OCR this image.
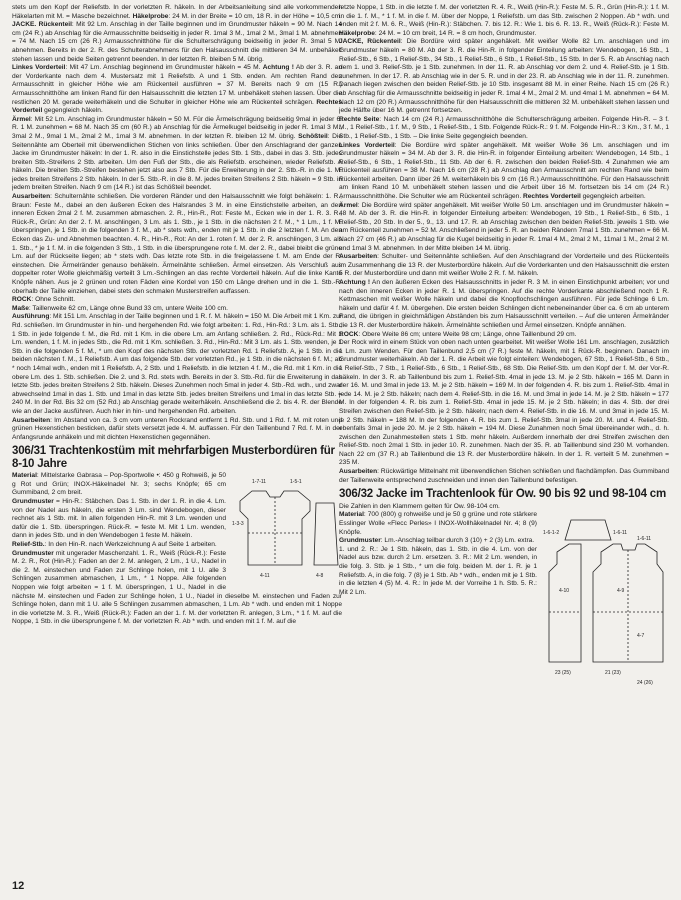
stets um den Kopf der Reliefstb. In der vorletzten R. häkeln. In der Arbeitsanleitung sind alle vorkommenden Häkelarten mit M. = Masche bezeichnet. Häkelprobe: 24 M. in der Breite = 10 cm, 18 R. in der Höhe = 10,5 cm. JACKE. Rückenteil: Mit 92 Lm. Anschlag in der Taille beginnen und im Grundmuster häkeln = 90 M. Nach 14 cm (24 R.) ab Anschlag für die Armausschnitte beidseitig in jeder R. 1mal 3 M., 1mal 2 M., 3mal 1 M. abnehmen = 74 M. Nach 15 cm (26 R.) Armausschnitthöhe für die Schulterschrägung beidseitig in jeder R. 3mal 5 M. abnehmen. Bereits in der 2. R. des Schulterabnehmens für den Halsausschnitt die mittleren 34 M. unbehäkelt stehen lassen und beide Seiten getrennt beenden. In der letzten R. bleiben 5 M. übrig.

Linkes Vorderteil: Mit 47 Lm. Anschlag beginnend im Grundmuster häkeln = 45 M. Achtung ! Ab der 3. R. an der Vorderkante nach dem 4. Mustersatz mit 1 Reliefstb. A und 1 Stb. enden. Am rechten Rand den Armausschnitt in gleicher Höhe wie am Rückenteil ausführen = 37 M. Bereits nach 9 cm (15 R.) Armausschnitthöhe am linken Rand für den Halsausschnitt die letzten 17 M. unbehäkelt stehen lassen. Über die restlichen 20 M. gerade weiterhäkeln und die Schulter in gleicher Höhe wie am Rückenteil schrägen. Rechtes Vorderteil gegengleich häkeln.

Ärmel: Mit 52 Lm. Anschlag im Grundmuster häkeln = 50 M. Für die Ärmelschrägung beidseitig 9mal in jeder 6. R. 1 M. zunehmen = 68 M. Nach 35 cm (60 R.) ab Anschlag für die Ärmelkugel beidseitig in jeder R. 1mal 3 M., 3mal 2 M., 9mal 1 M., 2mal 2 M., 1mal 3 M. abnehmen. In der letzten R. bleiben 12 M. übrig. Schößteil: Die Seitennähte am Oberteil mit überwendlichen Stichen von links schließen. Über den Anschlagrand der ganzen Jacke im Grundmuster häkeln: In der 1. R. also in die Einstichstelle jedes Stb. 1 Stb., dabei in das 3. Stb. jedes breiten Stb.-Streifens 2 Stb. arbeiten. Um den Fuß der Stb., die als Reliefstb. erscheinen, wieder Reliefstb. A häkeln. Die breiten Stb.-Streifen bestehen jetzt also aus 7 Stb. Für die Erweiterung in der 2. Stb.-R. in die 1. M. jedes breiten Streifens 2 Stb. häkeln. In der 5. Stb.-R. in die 8. M. jedes breiten Streifens 2 Stb. häkeln = 9 Stb. in jedem breiten Streifen. Nach 9 cm (14 R.) ist das Schößteil beendet.

Ausarbeiten: Schulternähte schließen. Die vorderen Ränder und den Halsausschnitt wie folgt behäkeln: 1. R., Braun: Feste M., dabei an den äußeren Ecken des Halsrandes 3 M. in eine Einstichstelle arbeiten, an den inneren Ecken 2mal 2 f. M. zusammen abmaschen. 2. R., Hin-R., Rot: Feste M., Ecken wie in der 1. R. 3. R., Rück-R., Grün: An der 2. f. M. anschlingen, 3 Lm. als 1. Stb., je 1 Stb. in die nächsten 2 f. M., * 1 Lm., 1 f. M. überspringen, je 1 Stb. in die folgenden 3 f. M., ab * stets wdh., enden mit je 1 Stb. in die 2 letzten f. M. An den Ecken das Zu- und Abnehmen beachten. 4. R., Hin-R., Rot: An der 1. roten f. M. der 2. R. anschlingen, 3 Lm. als 1. Stb., * je 1 f. M. in die folgenden 3 Stb., 1 Stb. in die übersprungene rote f. M. der 2. R., dabei bleibt die grüne Lm. auf der Rückseite liegen; ab * stets wdh. Das letzte rote Stb. in die freigelassene f. M. am Ende der R. einstechen. Die Ärmelränder genauso behäkeln. Ärmelnähte schließen. Ärmel einsetzen. Als Verschluß aus doppelter roter Wolle gleichmäßig verteilt 3 Lm.-Schlingen an das rechte Vorderteil häkeln. Auf die linke Kante Knöpfe nähen. Aus je 2 grünen und roten Fäden eine Kordel von 150 cm Länge drehen und in die 1. Stb.-R. oberhalb der Taille einziehen, dabei stets den schmalen Musterstreifen auffassen.

ROCK: Ohne Schnitt.

Maße: Taillenweite 62 cm, Länge ohne Bund 33 cm, untere Weite 100 cm.

Ausführung: Mit 151 Lm. Anschlag in der Taille beginnen und 1 R. f. M. häkeln = 150 M. Die Arbeit mit 1 Km. zur Rd. schließen. Im Grundmuster in hin- und hergehenden Rd. wie folgt arbeiten: 1. Rd., Hin-Rd.: 3 Lm. als 1. Stb., 1 Stb. in jede folgende f. M., die Rd. mit 1 Km. in die obere Lm. am Anfang schließen. 2. Rd., Rück-Rd.: Mit 1 Lm. wenden, 1 f. M. in jedes Stb., die Rd. mit 1 Km. schließen. 3. Rd., Hin-Rd.: Mit 3 Lm. als 1. Stb. wenden, je 1 Stb. in die folgenden 5 f. M., * um den Kopf des nächsten Stb. der vorletzten Rd. 1 Reliefstb. A, je 1 Stb. in die beiden nächsten f. M., 1 Reliefstb. A um das folgende Stb. der vorletzten Rd., je 1 Stb. in die nächsten 6 f. M.; ab * noch 14mal wdh., enden mit 1 Reliefstb. A, 2 Stb. und 1 Reliefstb. in die letzten 4 f. M., die Rd. mit 1 Km. in die obere Lm. des 1. Stb. schließen. Die 2. und 3. Rd. stets wdh. Bereits in der 3. Stb.-Rd. für die Erweiterung in das letzte Stb. jedes breiten Streifens 2 Stb. häkeln. Dieses Zunehmen noch 5mal in jeder 4. Stb.-Rd. wdh., und zwar abwechselnd 1mal in das 1. Stb. und 1mal in das letzte Stb. jedes breiten Streifens und 1mal in das letzte Stb. = 240 M. In der Rd. Bis 32 cm (52 Rd.) ab Anschlag gerade weiterhäkeln. Anschließend die 2. bis 4. R. der Blende wie an der Jacke ausführen. Auch hier in hin- und hergehenden Rd. arbeiten.

Ausarbeiten: Im Abstand von ca. 3 cm vom unteren Rockrand entfernt 1 Rd. Stb. und 1 Rd. f. M. mit roten und grünen Hexenstichen besticken, dafür stets versetzt jede 4. M. auffassen. Für den Taillenbund 7 Rd. f. M. in der Anfangsrunde anhäkeln und mit dichten Hexenstichen gegennähen.

306/31 Trachtenkostüm mit mehrfarbigen Musterbordüren für 8-10 Jahre
1-7-11	1-5-1
1-3-3
4-11	4-8

Material: Mittelstarke Gabrasa – Pop-Sportwolle •: 450 g Rohweiß, je 50 g Rot und Grün; INOX-Häkelnadel Nr. 3; sechs Knöpfe; 65 cm Gummiband, 2 cm breit.

Grundmuster = Hin-R.: Stäbchen. Das 1. Stb. in der 1. R. in die 4. Lm. von der Nadel aus häkeln, die ersten 3 Lm. sind Wendebogen, dieser rechnet als 1 Stb. mit. In allen folgenden Hin-R. mit 3 Lm. wenden und dafür die 1. Stb. überspringen. Rück-R. = feste M. Mit 1 Lm. wenden, dann in jedes Stb. und in den Wendebogen 1 feste M. häkeln.

Relief-Stb.: In den Hin-R. nach Werkzeichnung A auf Seite 1 arbeiten.

Grundmuster mit ungerader Maschenzahl. 1. R., Weiß (Rück-R.): Feste M. 2. R., Rot (Hin-R.): Faden an der 2. M. anlegen, 2 Lm., 1 U., Nadel in die 2. M. einstechen und Faden zur Schlinge holen, mit 1 U. alle 3 Schlingen zusammen abmaschen, 1 Lm., * 1 Noppe. Alle folgenden Noppen wie folgt arbeiten = 1 f. M. überspringen, 1 U., Nadel in die nächste M. einstechen und Faden zur Schlinge holen, 1 U., Nadel in dieselbe M. einstechen und Faden zur Schlinge holen, dann mit 1 U. alle 5 Schlingen zusammen abmaschen, 1 Lm. Ab * wdh. und enden mit 1 Noppe in die vorletzte M. 3. R., Weiß (Rück-R.): Faden an der 1. f. M. der vorletzten R. anlegen, 3 Lm., * 1 f. M. auf die Noppe, 1 Stb. in die übersprungene f. M. der vorletzten R. Ab * wdh. und enden mit 1 f. M. auf die

letzte Noppe, 1 Stb. in die letzte f. M. der vorletzten R. 4. R., Weiß (Hin-R.): Feste M. 5. R., Grün (Hin-R.): 1 f. M. in die 1. f. M., * 1 f. M. in die f. M. über der Noppe, 1 Reliefstb. um das Stb. zwischen 2 Noppen. Ab * wdh. und enden mit 2 f. M. 6. R., Weiß (Hin-R.): Stäbchen. 7. bis 12. R.: Wie 1. bis 6. R. 13. R., Weiß (Rück-R.): Feste M. Häkelprobe: 24 M. = 10 cm breit, 14 R. = 8 cm hoch, Grundmuster.

JACKE, Rückenteil: Die Bordüre wird später angehäkelt. Mit weißer Wolle 82 Lm. anschlagen und im Grundmuster häkeln = 80 M. Ab der 3. R. die Hin-R. in folgender Einteilung arbeiten: Wendebogen, 16 Stb., 1 Relief-Stb., 6 Stb., 1 Relief-Stb., 34 Stb., 1 Relief-Stb., 6 Stb., 1 Relief-Stb., 15 Stb. In der 5. R. ab Anschlag nach dem 1. und 3. Relief-Stb. je 1 Stb. zunehmen. In der 11. R. ab Anschlag vor dem 2. und 4. Relief-Stb. je 1 Stb. zunehmen. In der 17. R. ab Anschlag wie in der 5. R. und in der 23. R. ab Anschlag wie in der 11. R. zunehmen. Danach liegen zwischen den beiden Relief-Stb. je 10 Stb. insgesamt 88 M. in einer Reihe. Nach 15 cm (26 R.) ab Anschlag für die Armausschnitte beidseitig in jeder R. 1mal 4 M., 2mal 2 M. und 4mal 1 M. abnehmen = 64 M. Nach 12 cm (20 R.) Armausschnitthöhe für den Halsausschnitt die mittleren 32 M. unbehäkelt stehen lassen und jede Hälfte über 16 M. getrennt fortsetzen.

Rechte Seite: Nach 14 cm (24 R.) Armausschnitthöhe die Schulterschrägung arbeiten. Folgende Hin-R. – 3 f. M., 1 Relief-Stb., 1 f. M., 9 Stb., 1 Relief-Stb., 1 Stb. Folgende Rück-R.: 9 f. M. Folgende Hin-R.: 3 Km., 3 f. M., 1 Stb., 1 Relief-Stb., 1 Stb. – Die linke Seite gegengleich beenden.

Linkes Vorderteil: Die Bordüre wird später angehäkelt. Mit weißer Wolle 36 Lm. anschlagen und im Grundmuster häkeln = 34 M. Ab der 3. R. die Hin-R. in folgender Einteilung arbeiten: Wendebogen, 14 Stb., 1 Relief-Stb., 6 Stb., 1 Relief-Stb., 11 Stb. Ab der 6. R. zwischen den beiden Relief-Stb. 4 Zunahmen wie am Rückenteil ausführen = 38 M. Nach 16 cm (28 R.) ab Anschlag den Armausschnitt am rechten Rand wie beim Rückenteil arbeiten. Dann über 26 M. weiterhäkeln bis 9 cm (16 R.) Armausschnitthöhe. Für den Halsausschnitt am linken Rand 10 M. unbehäkelt stehen lassen und die Arbeit über 16 M. fortsetzen bis 14 cm (24 R.) Armausschnitthöhe. Die Schulter wie am Rückenteil schrägen. Rechtes Vorderteil gegengleich arbeiten.

Ärmel: Die Bordüre wird später angehäkelt. Mit weißer Wolle 50 Lm. anschlagen und im Grundmuster häkeln = 48 M. Ab der 3. R. die Hin-R. in folgender Einteilung arbeiten: Wendebogen, 19 Stb., 1 Relief-Stb., 6 Stb., 1 Relief-Stb., 20 Stb. In der 5., 9., 13. und 17. R. ab Anschlag zwischen den beiden Relief-Stb. jeweils 1 Stb. wie am Rückenteil zunehmen = 52 M. Anschließend in jeder 5. R. an beiden Rändern 7mal 1 Stb. zunehmen = 66 M. Nach 27 cm (46 R.) ab Anschlag für die Kugel beidseitig in jeder R. 1mal 4 M., 2mal 2 M., 11mal 1 M., 2mal 2 M. und 1mal 3 M. abnehmen. In der Mitte bleiben 14 M. übrig.

Ausarbeiten: Schulter- und Seitennähte schließen. Auf den Anschlagrand der Vorderteile und des Rückenteils im Zusammenhang die 13 R. der Musterbordüre häkeln. Auf die Vorderkanten und den Halsausschnitt die ersten 5 R. der Musterbordüre und dann mit weißer Wolle 2 R. f. M. häkeln.

Achtung ! An den äußeren Ecken des Halsausschnitts in jeder R. 3 M. in einen Einstichpunkt arbeiten; vor und nach den inneren Ecken in jeder R. 1 M. überspringen. Auf die rechte Vorderkante abschließend noch 1 R. Kettmaschen mit weißer Wolle häkeln und dabei die Knopflochschlingen ausführen. Für jede Schlinge 6 Lm. häkeln und dafür 4 f. M. übergehen. Die ersten beiden Schlingen dicht nebeneinander über ca. 6 cm ab unterem Rand, die übrigen in gleichmäßigen Abständen bis zum Halsausschnitt verteilen. – Auf die unteren Ärmelränder die 13 R. der Musterbordüre häkeln. Ärmelnähte schließen und Ärmel einsetzen. Knöpfe annähen.

ROCK: Obere Weite 86 cm; untere Weite 98 cm; Länge, ohne Taillenbund 29 cm.

Der Rock wird in einem Stück von oben nach unten gearbeitet. Mit weißer Wolle 161 Lm. anschlagen, zusätzlich 1 Lm. zum Wenden. Für den Taillenbund 2,5 cm (7 R.) feste M. häkeln, mit 1 Rück-R. beginnen. Danach im Grundmuster weiterhäkeln. Ab der 1. R. die Arbeit wie folgt einteilen: Wendebogen, 67 Stb., 1 Relief-Stb., 6 Stb., 1 Relief-Stb., 7 Stb., 1 Relief-Stb., 6 Stb., 1 Relief-Stb., 68 Stb. Die Relief-Stb. um den Kopf der f. M. der Vor-R. häkeln. In der 3. R. ab Taillenbund bis zum 1. Relief-Stb. 4mal in jede 13. M. je 2 Stb. häkeln = 165 M. Dann in der 16. M. und 3mal in jede 13. M. je 2 Stb. häkeln = 169 M. In der folgenden 4. R. bis zum 1. Relief-Stb. 4mal in jede 14. M. je 2 Stb. häkeln; nach dem 4. Relief-Stb. in die 16. M. und 3mal in jede 14. M. je 2 Stb. häkeln = 177 M. In der folgenden 4. R. bis zum 1. Relief-Stb. 4mal in jede 15. M. je 2 Stb. häkeln; in das 4. Stb. der drei Streifen zwischen den Relief-Stb. je 2 Stb. häkeln; nach dem 4. Relief-Stb. in die 16. M. und 3mal in jede 15. M. je 2 Stb. häkeln = 188 M. In der folgenden 4. R. bis zum 1. Relief-Stb. 3mal in jede 20. M. und 4. Relief-Stb. ebenfalls 3mal in jede 20. M. je 2 Stb. häkeln = 194 M. Diese Zunahmen noch 5mal übereinander wdh., d. h. zwischen den Zunahmestellen stets 1 Stb. mehr häkeln. Außerdem innerhalb der drei Streifen zwischen den Relief-Stb. noch 2mal 1 Stb. in jeder 10. R. zunehmen. Nach der 35. R. ab Taillenbund sind 230 M. vorhanden. Nach 22 cm (37 R.) ab Taillenbund die 13 R. der Musterbordüre häkeln. In der 1. R. verteilt 5 M. zunehmen = 235 M.

Ausarbeiten: Rückwärtige Mittelnaht mit überwendlichen Stichen schließen und flachdämpfen. Das Gummiband der Taillenweite entsprechend zuschneiden und innen den Taillenbund befestigen.

306/32 Jacke im Trachtenlook für Ow. 90 bis 92 und 98-104 cm

Die Zahlen in den Klammern gelten für Ow. 98-104 cm.

1-6-1-2	1-6-11
1-6-11
4-10	4-9
4-7
23 (25)	21 (23)
24 (26)

Material: 700 (800) g rohweiße und je 50 g grüne und rote stärkere Esslinger Wolle «Flecc Perles» I INOX-Wollhäkelnadel Nr. 4; 8 (9) Knöpfe.

Grundmuster: Lm.-Anschlag teilbar durch 3 (10) + 2 (3) Lm. extra.

1. und 2. R.: Je 1 Stb. häkeln, das 1. Stb. in die 4. Lm. von der Nadel aus bzw. durch 2 Lm. ersetzen. 3. R.: Mit 2 Lm. wenden, in die folg. 3. Stb. je 1 Stb., * um die folg. beiden M. der 1. R. je 1 Reliefstb. A, in die folg. 7 (8) je 1 Stb. Ab * wdh., enden mit je 1 Stb. in die letzten 4 (5) M. 4. R.: In jede M. der Vorreihe 1 h. Stb. 5. R.: Mit 2 Lm.

12
